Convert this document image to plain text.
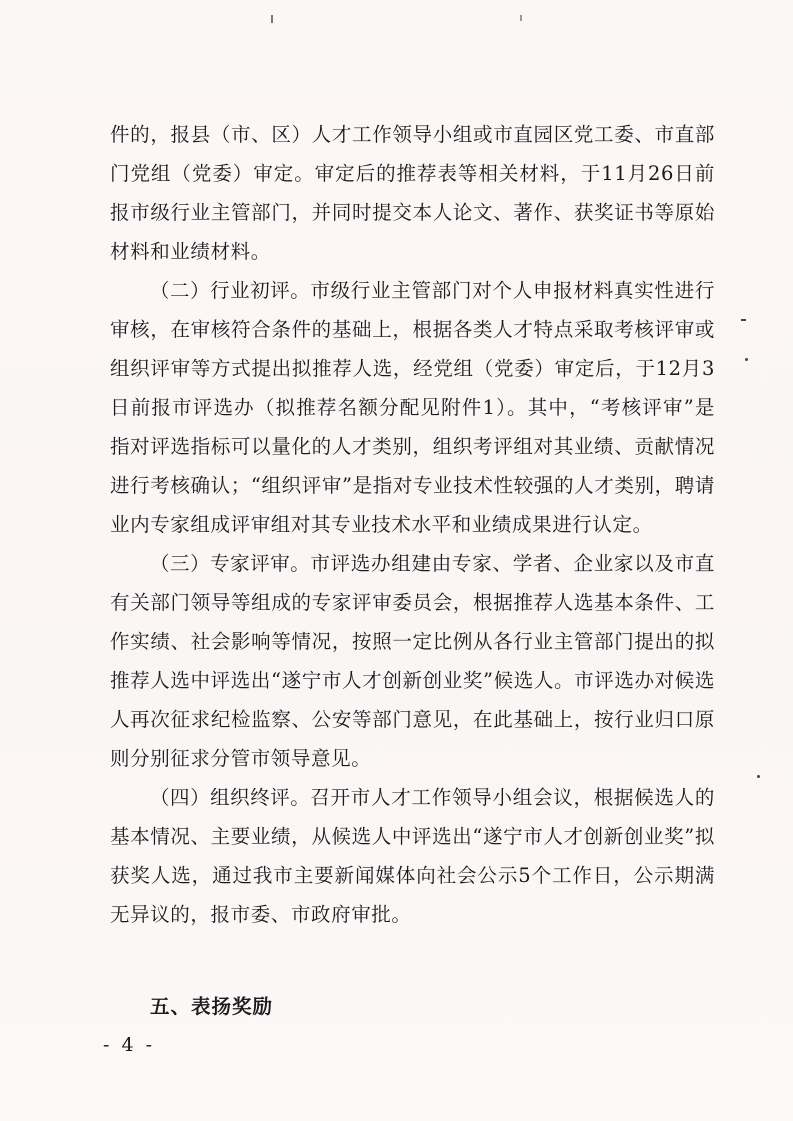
件的，报县（市、区）人才工作领导小组或市直园区党工委、市直部门党组（党委）审定。审定后的推荐表等相关材料，于11月26日前报市级行业主管部门，并同时提交本人论文、著作、获奖证书等原始材料和业绩材料。

（二）行业初评。市级行业主管部门对个人申报材料真实性进行审核，在审核符合条件的基础上，根据各类人才特点采取考核评审或组织评审等方式提出拟推荐人选，经党组（党委）审定后，于12月3日前报市评选办（拟推荐名额分配见附件1）。其中，“考核评审”是指对评选指标可以量化的人才类别，组织考评组对其业绩、贡献情况进行考核确认；“组织评审”是指对专业技术性较强的人才类别，聘请业内专家组成评审组对其专业技术水平和业绩成果进行认定。

（三）专家评审。市评选办组建由专家、学者、企业家以及市直有关部门领导等组成的专家评审委员会，根据推荐人选基本条件、工作实绩、社会影响等情况，按照一定比例从各行业主管部门提出的拟推荐人选中评选出“遂宁市人才创新创业奖”候选人。市评选办对候选人再次征求纪检监察、公安等部门意见，在此基础上，按行业归口原则分别征求分管市领导意见。

（四）组织终评。召开市人才工作领导小组会议，根据候选人的基本情况、主要业绩，从候选人中评选出“遂宁市人才创新创业奖”拟获奖人选，通过我市主要新闻媒体向社会公示5个工作日，公示期满无异议的，报市委、市政府审批。

五、表扬奖励
- 4 -
